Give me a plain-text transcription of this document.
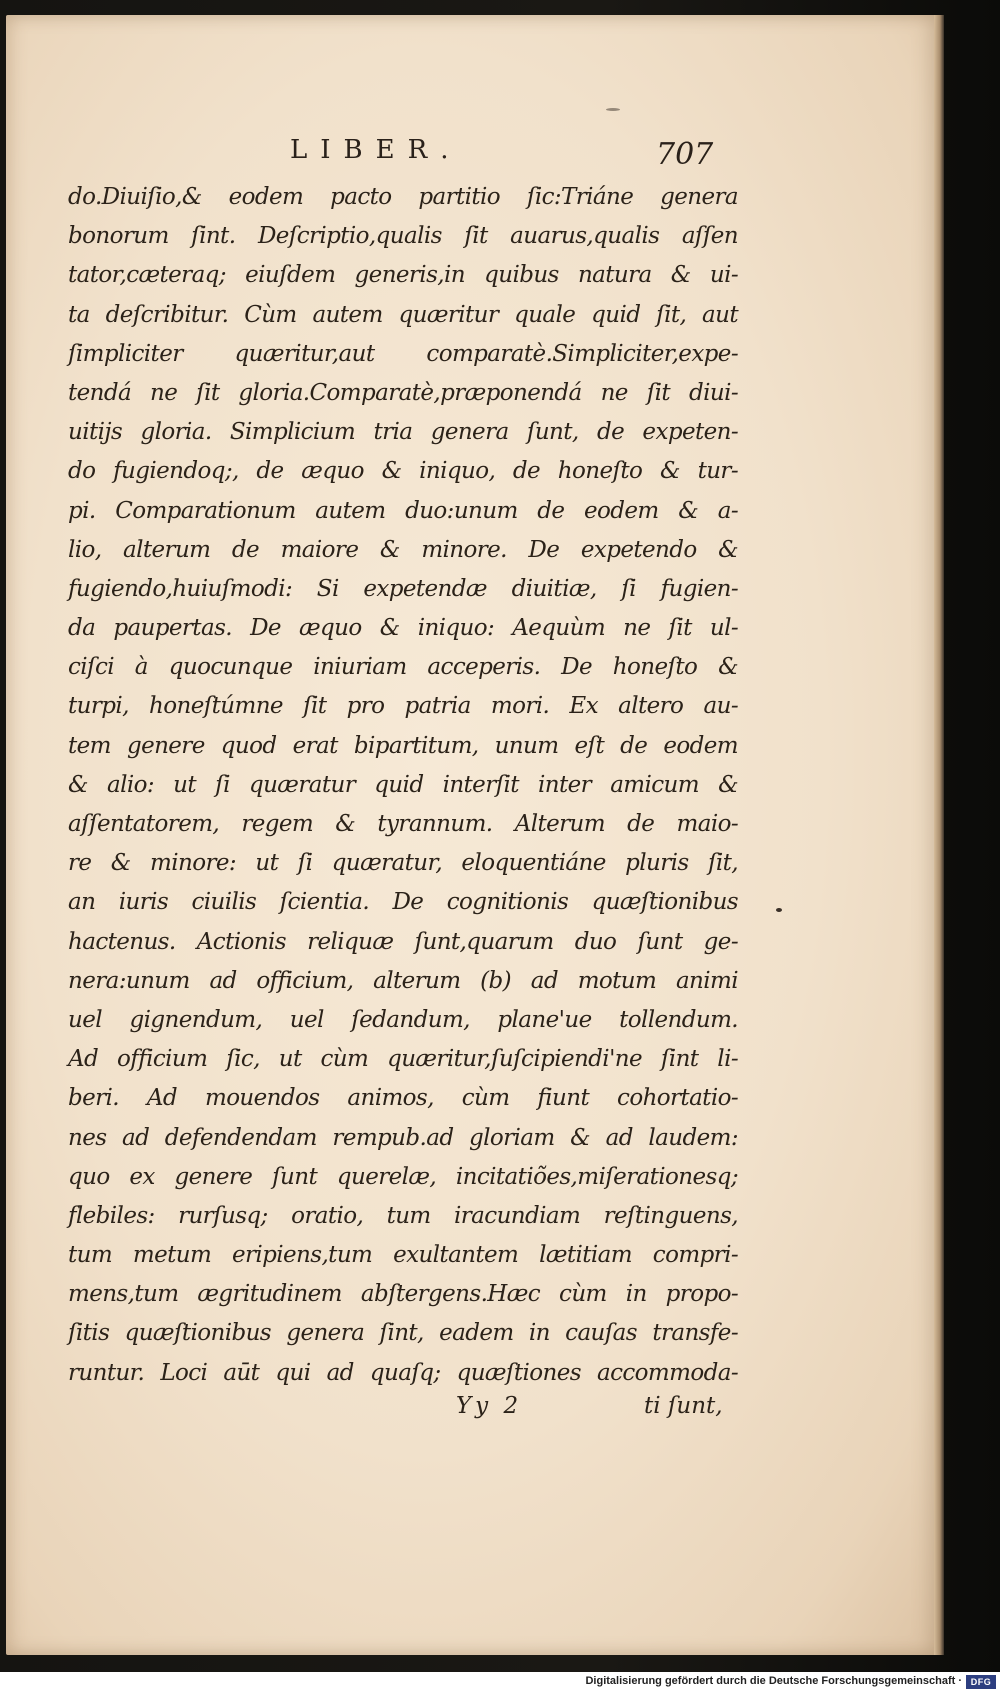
LIBER.	707
do.Diuiſio,& eodem pacto partitio ſic:Triáne genera
bonorum ſint. Deſcriptio,qualis ſit auarus,qualis aſſen
tator,cæteraq; eiuſdem generis,in quibus natura & ui-
ta deſcribitur. Cùm autem quæritur quale quid ſit, aut
ſimpliciter quæritur,aut comparatè.Simpliciter,expe-
tendá ne ſit gloria.Comparatè,præponendá ne ſit diui-
uitijs gloria. Simplicium tria genera ſunt, de expeten-
do fugiendoq;, de æquo & iniquo, de honeſto & tur-
pi. Comparationum autem duo:unum de eodem & a-
lio, alterum de maiore & minore. De expetendo &
fugiendo,huiuſmodi: Si expetendæ diuitiæ, ſi fugien-
da paupertas. De æquo & iniquo: Aequùm ne ſit ul-
ciſci à quocunque iniuriam acceperis. De honeſto &
turpi, honeſtúmne ſit pro patria mori. Ex altero au-
tem genere quod erat bipartitum, unum eſt de eodem
& alio: ut ſi quæratur quid interſit inter amicum &
aſſentatorem, regem & tyrannum. Alterum de maio-
re & minore: ut ſi quæratur, eloquentiáne pluris ſit,
an iuris ciuilis ſcientia. De cognitionis quæſtionibus
hactenus. Actionis reliquæ ſunt,quarum duo ſunt ge-
nera:unum ad officium, alterum (b) ad motum animi
uel gignendum, uel ſedandum, plane'ue tollendum.
Ad officium ſic, ut cùm quæritur,ſuſcipiendi'ne ſint li-
beri. Ad mouendos animos, cùm fiunt cohortatio-
nes ad defendendam rempub.ad gloriam & ad laudem:
quo ex genere ſunt querelæ, incitatiões,miſerationesq;
flebiles: rurſusq; oratio, tum iracundiam reſtinguens,
tum metum eripiens,tum exultantem lætitiam compri-
mens,tum ægritudinem abſtergens.Hæc cùm in propo-
ſitis quæſtionibus genera ſint, eadem in cauſas transfe-
runtur. Loci aūt qui ad quaſq; quæſtiones accommoda-
Yy 2	ti ſunt,
Digitalisierung gefördert durch die Deutsche Forschungsgemeinschaft · DFG
